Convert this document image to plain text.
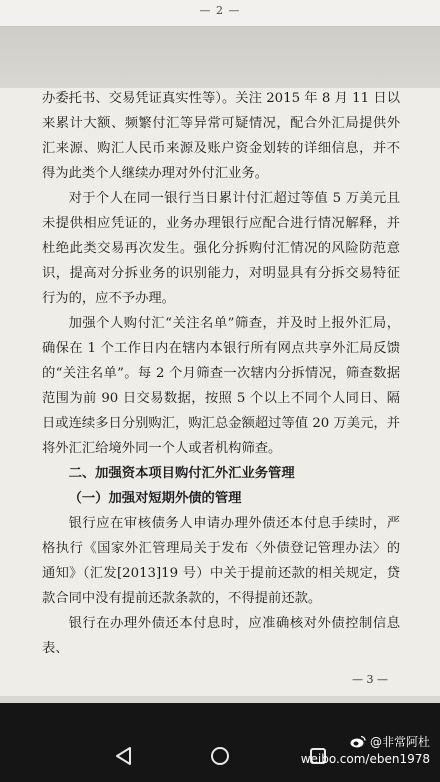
— 2 —

办委托书、交易凭证真实性等）。关注 2015 年 8 月 11 日以来累计大额、频繁付汇等异常可疑情况，配合外汇局提供外汇来源、购汇人民币来源及账户资金划转的详细信息，并不得为此类个人继续办理对外付汇业务。

对于个人在同一银行当日累计付汇超过等值 5 万美元且未提供相应凭证的，业务办理银行应配合进行情况解释，并杜绝此类交易再次发生。强化分拆购付汇情况的风险防范意识，提高对分拆业务的识别能力，对明显具有分拆交易特征行为的，应不予办理。

加强个人购付汇“关注名单”筛查，并及时上报外汇局，确保在 1 个工作日内在辖内本银行所有网点共享外汇局反馈的“关注名单”。每 2 个月筛查一次辖内分拆情况，筛查数据范围为前 90 日交易数据，按照 5 个以上不同个人同日、隔日或连续多日分别购汇，购汇总金额超过等值 20 万美元，并将外汇汇给境外同一个人或者机构筛查。

二、加强资本项目购付汇外汇业务管理

（一）加强对短期外债的管理

银行应在审核债务人申请办理外债还本付息手续时，严格执行《国家外汇管理局关于发布〈外债登记管理办法〉的通知》（汇发[2013]19 号）中关于提前还款的相关规定，贷款合同中没有提前还款条款的，不得提前还款。

银行在办理外债还本付息时，应准确核对外债控制信息表、

— 3 —
@非常阿杜
weibo.com/eben1978
